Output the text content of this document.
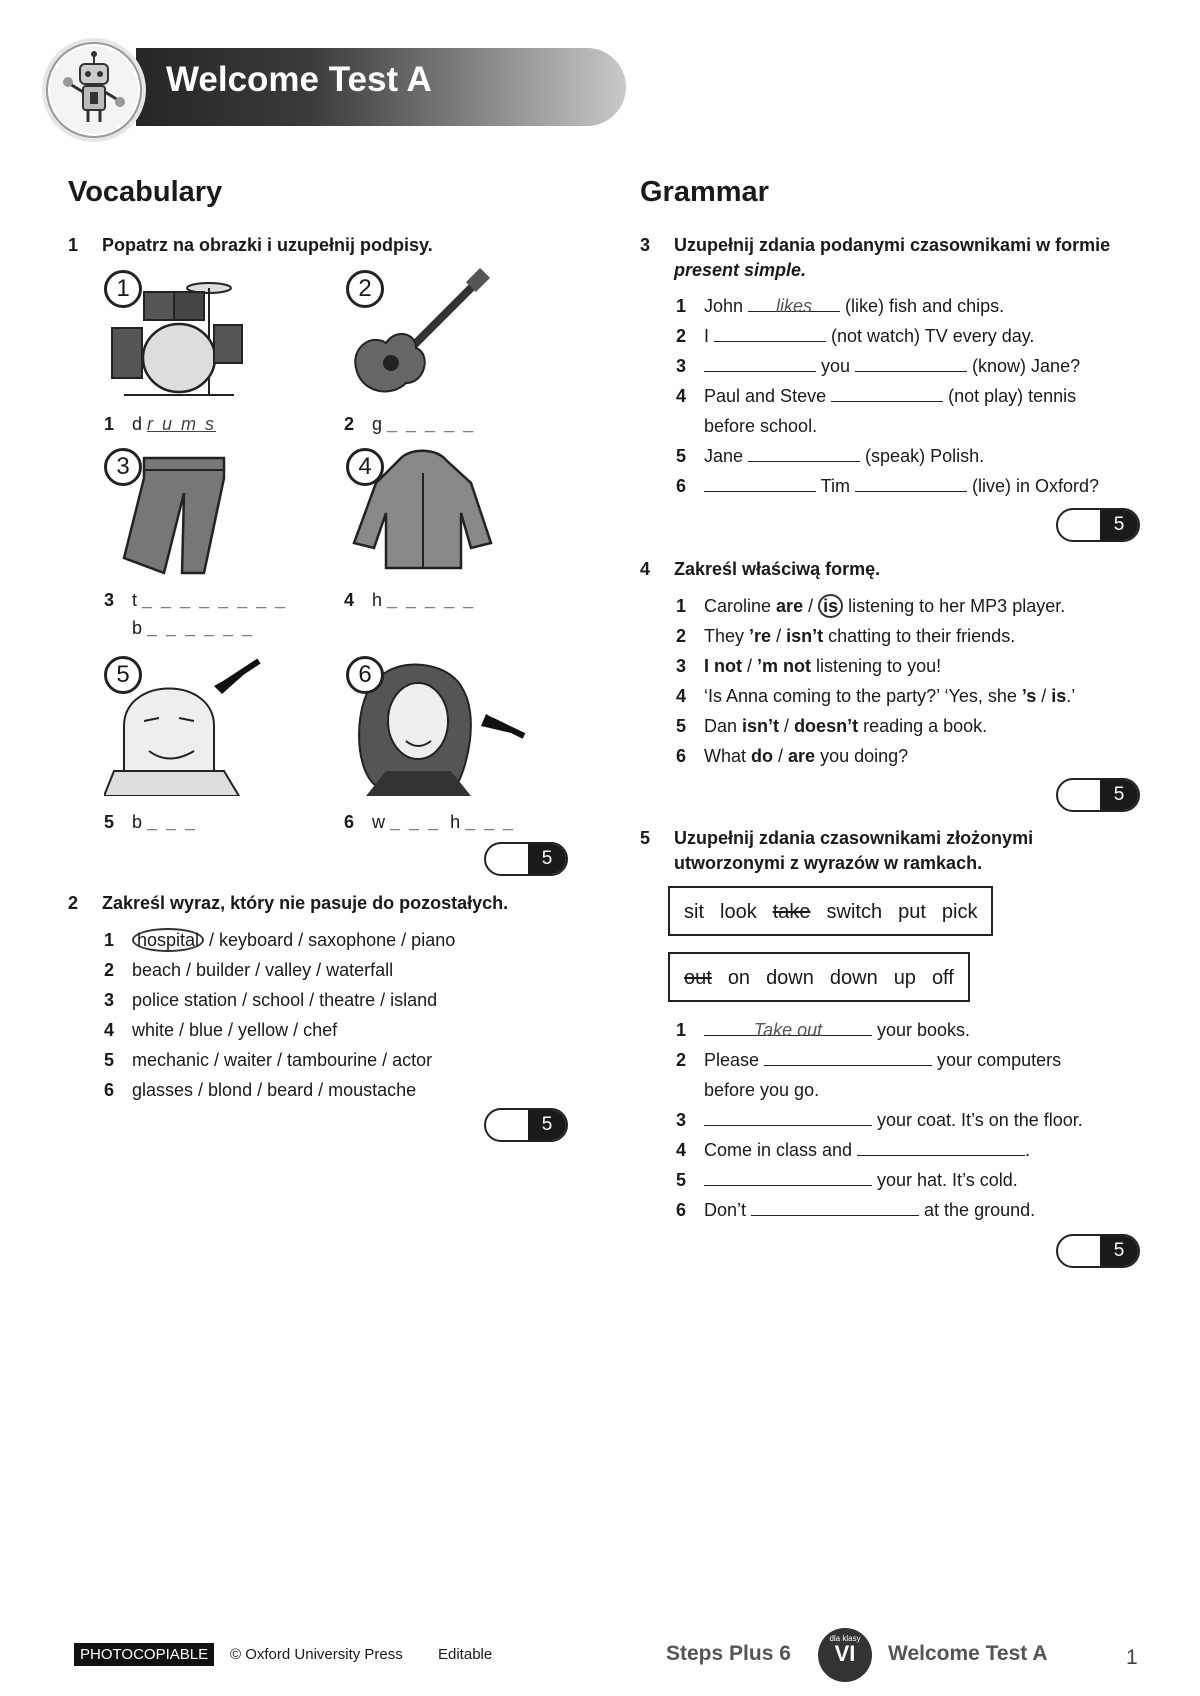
Welcome Test A
Vocabulary
1 Popatrz na obrazki i uzupełnij podpisy.
1	2
1 d r u m s	2 g _ _ _ _ _
3	4
3 t _ _ _ _ _ _ _ _
b _ _ _ _ _ _
4 h _ _ _ _ _
5	6
5 b _ _ _	6 w _ _ _ h _ _ _
5
2 Zakreśl wyraz, który nie pasuje do pozostałych.
1 hospital / keyboard / saxophone / piano
2 beach / builder / valley / waterfall
3 police station / school / theatre / island
4 white / blue / yellow / chef
5 mechanic / waiter / tambourine / actor
6 glasses / blond / beard / moustache
5
Grammar
3 Uzupełnij zdania podanymi czasownikami w formie present simple.
1 John likes (like) fish and chips.
2 I	(not watch) TV every day.
3	you	(know) Jane?
4 Paul and Steve	(not play) tennis
before school.
5 Jane	(speak) Polish.
6	Tim	(live) in Oxford?
5
4 Zakreśl właściwą formę.
1 Caroline are / is listening to her MP3 player.
2 They ’re / isn’t chatting to their friends.
3 I not / ’m not listening to you!
4 ‘Is Anna coming to the party?’ ‘Yes, she ’s / is.’
5 Dan isn’t / doesn’t reading a book.
6 What do / are you doing?
5
5 Uzupełnij zdania czasownikami złożonymi utworzonymi z wyrazów w ramkach.
sit look take switch put pick
out on down down up off
1	Take out	your books.
2 Please	your computers
before you go.
3	your coat. It’s on the floor.
4 Come in class and	.
5	your hat. It’s cold.
6 Don’t	at the ground.
5
PHOTOCOPIABLE	© Oxford University Press Editable	Steps Plus 6
dla klasy
VI	Welcome Test A	1
